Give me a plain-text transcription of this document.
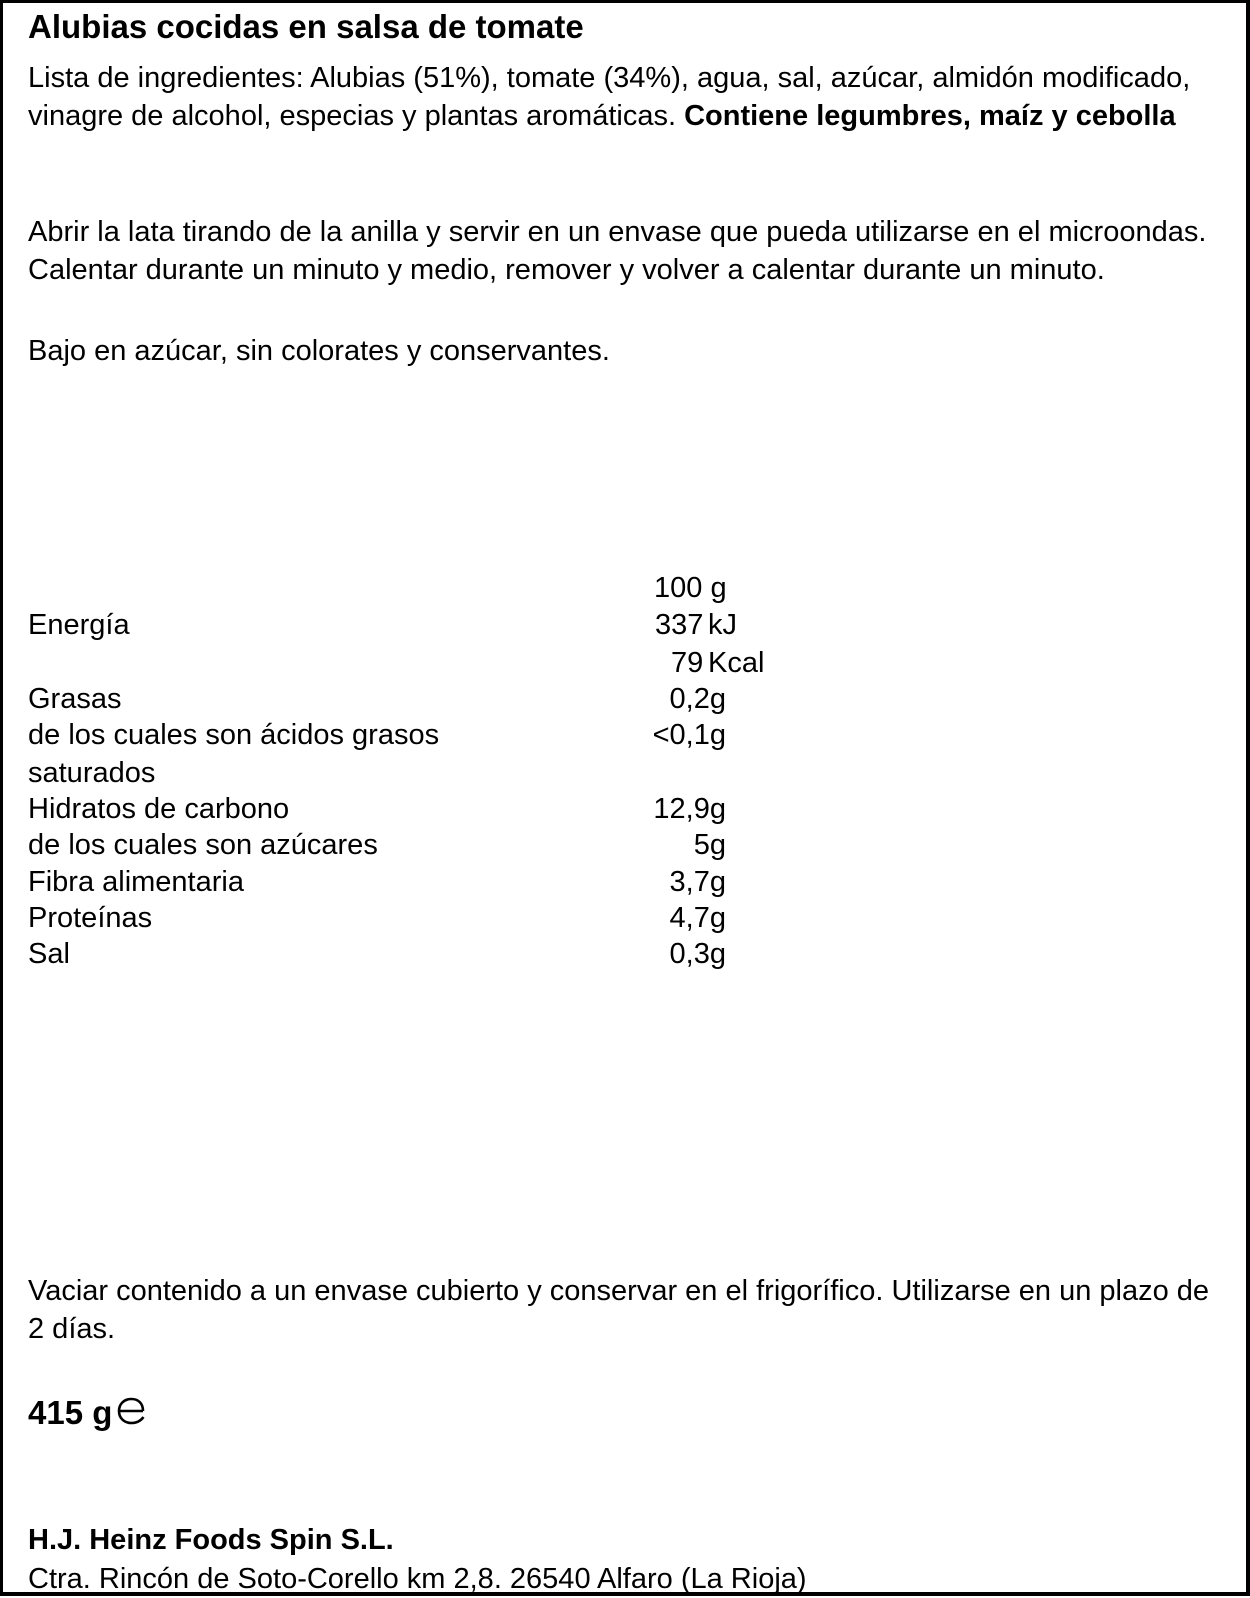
Alubias cocidas en salsa de tomate
Lista de ingredientes: Alubias (51%), tomate (34%), agua, sal, azúcar, almidón modificado, vinagre de alcohol, especias y plantas aromáticas. Contiene legumbres, maíz y cebolla
Abrir la lata tirando de la anilla y servir en un envase que pueda utilizarse en el microondas. Calentar durante un minuto y medio, remover y volver a calentar durante un minuto.
Bajo en azúcar, sin colorates y conservantes.
100 g
Energía	337 kJ
79 Kcal
Grasas	0,2g
de los cuales son ácidos grasos	<0,1g
saturados
Hidratos de carbono	12,9g
de los cuales son azúcares	5g
Fibra alimentaria	3,7g
Proteínas	4,7g
Sal	0,3g
Vaciar contenido a un envase cubierto y conservar en el frigorífico. Utilizarse en un plazo de 2 días.
415 g
H.J. Heinz Foods Spin S.L.
Ctra. Rincón de Soto-Corello km 2,8. 26540 Alfaro (La Rioja)
